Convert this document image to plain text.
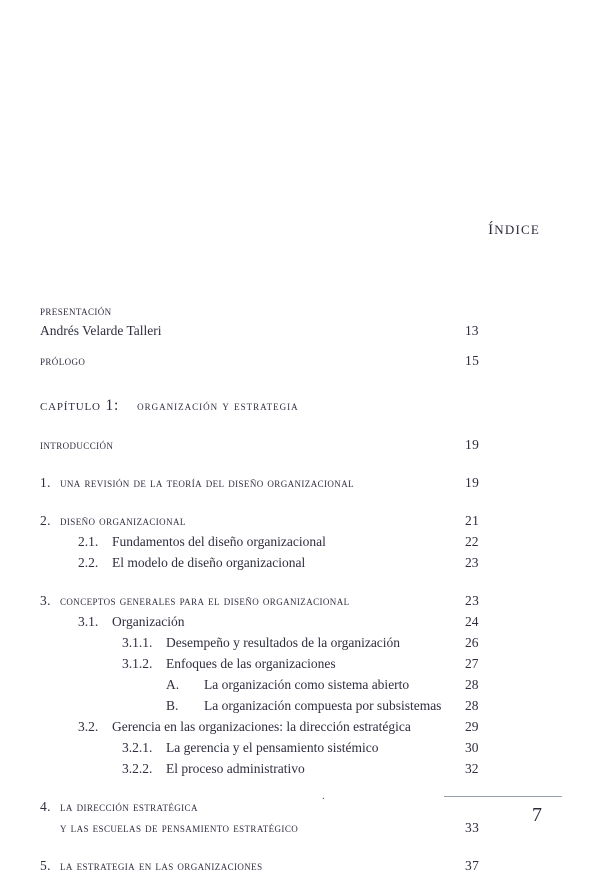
índice
presentación
Andrés Velarde Talleri	13
prólogo	15
capítulo 1: organización y estrategia
introducción	19
1. una revisión de la teoría del diseño organizacional	19
2. diseño organizacional	21
2.1. Fundamentos del diseño organizacional	22
2.2. El modelo de diseño organizacional	23
3. conceptos generales para el diseño organizacional	23
3.1. Organización	24
3.1.1. Desempeño y resultados de la organización	26
3.1.2. Enfoques de las organizaciones	27
A. La organización como sistema abierto	28
B. La organización compuesta por subsistemas	28
3.2. Gerencia en las organizaciones: la dirección estratégica	29
3.2.1. La gerencia y el pensamiento sistémico	30
3.2.2. El proceso administrativo	32
4. la dirección estratégica
y las escuelas de pensamiento estratégico	33
5. la estrategia en las organizaciones	37
.
7
